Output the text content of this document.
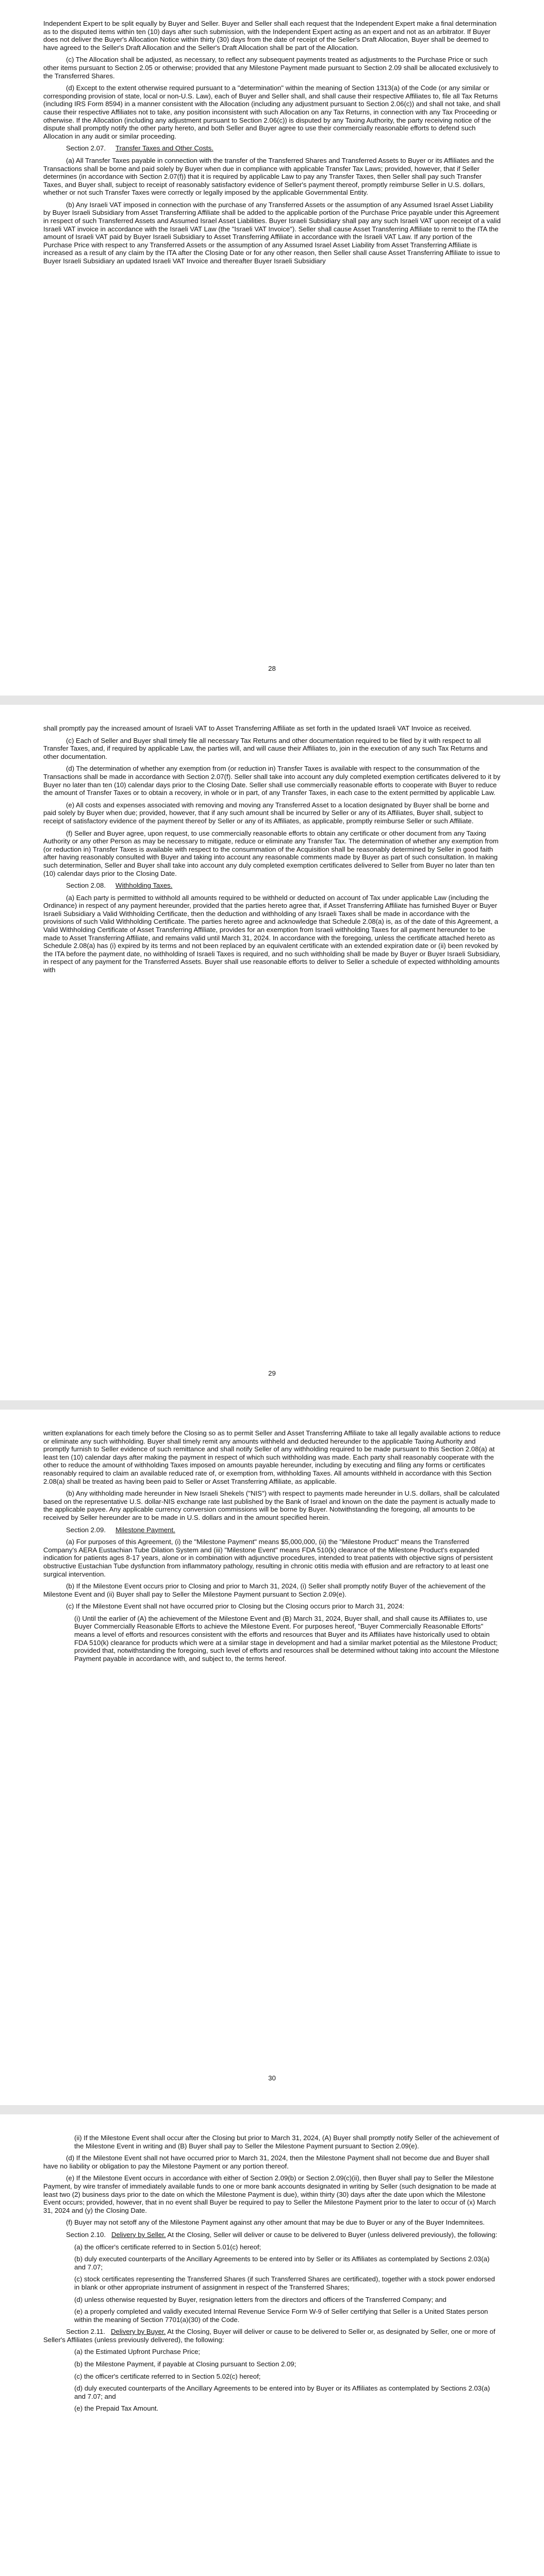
Independent Expert to be split equally by Buyer and Seller. Buyer and Seller shall each request that the Independent Expert make a final determination as to the disputed items within ten (10) days after such submission, with the Independent Expert acting as an expert and not as an arbitrator. If Buyer does not deliver the Buyer's Allocation Notice within thirty (30) days from the date of receipt of the Seller's Draft Allocation, Buyer shall be deemed to have agreed to the Seller's Draft Allocation and the Seller's Draft Allocation shall be part of the Allocation.

(c) The Allocation shall be adjusted, as necessary, to reflect any subsequent payments treated as adjustments to the Purchase Price or such other items pursuant to Section 2.05 or otherwise; provided that any Milestone Payment made pursuant to Section 2.09 shall be allocated exclusively to the Transferred Shares.

(d) Except to the extent otherwise required pursuant to a "determination" within the meaning of Section 1313(a) of the Code (or any similar or corresponding provision of state, local or non-U.S. Law), each of Buyer and Seller shall, and shall cause their respective Affiliates to, file all Tax Returns (including IRS Form 8594) in a manner consistent with the Allocation (including any adjustment pursuant to Section 2.06(c)) and shall not take, and shall cause their respective Affiliates not to take, any position inconsistent with such Allocation on any Tax Returns, in connection with any Tax Proceeding or otherwise. If the Allocation (including any adjustment pursuant to Section 2.06(c)) is disputed by any Taxing Authority, the party receiving notice of the dispute shall promptly notify the other party hereto, and both Seller and Buyer agree to use their commercially reasonable efforts to defend such Allocation in any audit or similar proceeding.

Section 2.07. Transfer Taxes and Other Costs.

(a) All Transfer Taxes payable in connection with the transfer of the Transferred Shares and Transferred Assets to Buyer or its Affiliates and the Transactions shall be borne and paid solely by Buyer when due in compliance with applicable Transfer Tax Laws; provided, however, that if Seller determines (in accordance with Section 2.07(f)) that it is required by applicable Law to pay any Transfer Taxes, then Seller shall pay such Transfer Taxes, and Buyer shall, subject to receipt of reasonably satisfactory evidence of Seller's payment thereof, promptly reimburse Seller in U.S. dollars, whether or not such Transfer Taxes were correctly or legally imposed by the applicable Governmental Entity.

(b) Any Israeli VAT imposed in connection with the purchase of any Transferred Assets or the assumption of any Assumed Israel Asset Liability by Buyer Israeli Subsidiary from Asset Transferring Affiliate shall be added to the applicable portion of the Purchase Price payable under this Agreement in respect of such Transferred Assets and Assumed Israel Asset Liabilities. Buyer Israeli Subsidiary shall pay any such Israeli VAT upon receipt of a valid Israeli VAT invoice in accordance with the Israeli VAT Law (the "Israeli VAT Invoice"). Seller shall cause Asset Transferring Affiliate to remit to the ITA the amount of Israeli VAT paid by Buyer Israeli Subsidiary to Asset Transferring Affiliate in accordance with the Israeli VAT Law. If any portion of the Purchase Price with respect to any Transferred Assets or the assumption of any Assumed Israel Asset Liability from Asset Transferring Affiliate is increased as a result of any claim by the ITA after the Closing Date or for any other reason, then Seller shall cause Asset Transferring Affiliate to issue to Buyer Israeli Subsidiary an updated Israeli VAT Invoice and thereafter Buyer Israeli Subsidiary

28

shall promptly pay the increased amount of Israeli VAT to Asset Transferring Affiliate as set forth in the updated Israeli VAT Invoice as received.

(c) Each of Seller and Buyer shall timely file all necessary Tax Returns and other documentation required to be filed by it with respect to all Transfer Taxes, and, if required by applicable Law, the parties will, and will cause their Affiliates to, join in the execution of any such Tax Returns and other documentation.

(d) The determination of whether any exemption from (or reduction in) Transfer Taxes is available with respect to the consummation of the Transactions shall be made in accordance with Section 2.07(f). Seller shall take into account any duly completed exemption certificates delivered to it by Buyer no later than ten (10) calendar days prior to the Closing Date. Seller shall use commercially reasonable efforts to cooperate with Buyer to reduce the amount of Transfer Taxes or to obtain a recovery, in whole or in part, of any Transfer Taxes, in each case to the extent permitted by applicable Law.

(e) All costs and expenses associated with removing and moving any Transferred Asset to a location designated by Buyer shall be borne and paid solely by Buyer when due; provided, however, that if any such amount shall be incurred by Seller or any of its Affiliates, Buyer shall, subject to receipt of satisfactory evidence of the payment thereof by Seller or any of its Affiliates, as applicable, promptly reimburse Seller or such Affiliate.

(f) Seller and Buyer agree, upon request, to use commercially reasonable efforts to obtain any certificate or other document from any Taxing Authority or any other Person as may be necessary to mitigate, reduce or eliminate any Transfer Tax. The determination of whether any exemption from (or reduction in) Transfer Taxes is available with respect to the consummation of the Acquisition shall be reasonably determined by Seller in good faith after having reasonably consulted with Buyer and taking into account any reasonable comments made by Buyer as part of such consultation. In making such determination, Seller and Buyer shall take into account any duly completed exemption certificates delivered to Seller from Buyer no later than ten (10) calendar days prior to the Closing Date.

Section 2.08. Withholding Taxes.

(a) Each party is permitted to withhold all amounts required to be withheld or deducted on account of Tax under applicable Law (including the Ordinance) in respect of any payment hereunder, provided that the parties hereto agree that, if Asset Transferring Affiliate has furnished Buyer or Buyer Israeli Subsidiary a Valid Withholding Certificate, then the deduction and withholding of any Israeli Taxes shall be made in accordance with the provisions of such Valid Withholding Certificate. The parties hereto agree and acknowledge that Schedule 2.08(a) is, as of the date of this Agreement, a Valid Withholding Certificate of Asset Transferring Affiliate, provides for an exemption from Israeli withholding Taxes for all payment hereunder to be made to Asset Transferring Affiliate, and remains valid until March 31, 2024. In accordance with the foregoing, unless the certificate attached hereto as Schedule 2.08(a) has (i) expired by its terms and not been replaced by an equivalent certificate with an extended expiration date or (ii) been revoked by the ITA before the payment date, no withholding of Israeli Taxes is required, and no such withholding shall be made by Buyer or Buyer Israeli Subsidiary, in respect of any payment for the Transferred Assets. Buyer shall use reasonable efforts to deliver to Seller a schedule of expected withholding amounts with

29

written explanations for each timely before the Closing so as to permit Seller and Asset Transferring Affiliate to take all legally available actions to reduce or eliminate any such withholding. Buyer shall timely remit any amounts withheld and deducted hereunder to the applicable Taxing Authority and promptly furnish to Seller evidence of such remittance and shall notify Seller of any withholding required to be made pursuant to this Section 2.08(a) at least ten (10) calendar days after making the payment in respect of which such withholding was made. Each party shall reasonably cooperate with the other to reduce the amount of withholding Taxes imposed on amounts payable hereunder, including by executing and filing any forms or certificates reasonably required to claim an available reduced rate of, or exemption from, withholding Taxes. All amounts withheld in accordance with this Section 2.08(a) shall be treated as having been paid to Seller or Asset Transferring Affiliate, as applicable.

(b) Any withholding made hereunder in New Israeli Shekels ("NIS") with respect to payments made hereunder in U.S. dollars, shall be calculated based on the representative U.S. dollar-NIS exchange rate last published by the Bank of Israel and known on the date the payment is actually made to the applicable payee. Any applicable currency conversion commissions will be borne by Buyer. Notwithstanding the foregoing, all amounts to be received by Seller hereunder are to be made in U.S. dollars and in the amount specified herein.

Section 2.09. Milestone Payment.

(a) For purposes of this Agreement, (i) the "Milestone Payment" means $5,000,000, (ii) the "Milestone Product" means the Transferred Company's AERA Eustachian Tube Dilation System and (iii) "Milestone Event" means FDA 510(k) clearance of the Milestone Product's expanded indication for patients ages 8-17 years, alone or in combination with adjunctive procedures, intended to treat patients with objective signs of persistent obstructive Eustachian Tube dysfunction from inflammatory pathology, resulting in chronic otitis media with effusion and are refractory to at least one surgical intervention.

(b) If the Milestone Event occurs prior to Closing and prior to March 31, 2024, (i) Seller shall promptly notify Buyer of the achievement of the Milestone Event and (ii) Buyer shall pay to Seller the Milestone Payment pursuant to Section 2.09(e).

(c) If the Milestone Event shall not have occurred prior to Closing but the Closing occurs prior to March 31, 2024:

(i) Until the earlier of (A) the achievement of the Milestone Event and (B) March 31, 2024, Buyer shall, and shall cause its Affiliates to, use Buyer Commercially Reasonable Efforts to achieve the Milestone Event. For purposes hereof, "Buyer Commercially Reasonable Efforts" means a level of efforts and resources consistent with the efforts and resources that Buyer and its Affiliates have historically used to obtain FDA 510(k) clearance for products which were at a similar stage in development and had a similar market potential as the Milestone Product; provided that, notwithstanding the foregoing, such level of efforts and resources shall be determined without taking into account the Milestone Payment payable in accordance with, and subject to, the terms hereof.

30

(ii) If the Milestone Event shall occur after the Closing but prior to March 31, 2024, (A) Buyer shall promptly notify Seller of the achievement of the Milestone Event in writing and (B) Buyer shall pay to Seller the Milestone Payment pursuant to Section 2.09(e).

(d) If the Milestone Event shall not have occurred prior to March 31, 2024, then the Milestone Payment shall not become due and Buyer shall have no liability or obligation to pay the Milestone Payment or any portion thereof.

(e) If the Milestone Event occurs in accordance with either of Section 2.09(b) or Section 2.09(c)(ii), then Buyer shall pay to Seller the Milestone Payment, by wire transfer of immediately available funds to one or more bank accounts designated in writing by Seller (such designation to be made at least two (2) business days prior to the date on which the Milestone Payment is due), within thirty (30) days after the date upon which the Milestone Event occurs; provided, however, that in no event shall Buyer be required to pay to Seller the Milestone Payment prior to the later to occur of (x) March 31, 2024 and (y) the Closing Date.

(f) Buyer may not setoff any of the Milestone Payment against any other amount that may be due to Buyer or any of the Buyer Indemnitees.

Section 2.10. Delivery by Seller. At the Closing, Seller will deliver or cause to be delivered to Buyer (unless delivered previously), the following:

(a) the officer's certificate referred to in Section 5.01(c) hereof;

(b) duly executed counterparts of the Ancillary Agreements to be entered into by Seller or its Affiliates as contemplated by Sections 2.03(a) and 7.07;

(c) stock certificates representing the Transferred Shares (if such Transferred Shares are certificated), together with a stock power endorsed in blank or other appropriate instrument of assignment in respect of the Transferred Shares;

(d) unless otherwise requested by Buyer, resignation letters from the directors and officers of the Transferred Company; and

(e) a properly completed and validly executed Internal Revenue Service Form W-9 of Seller certifying that Seller is a United States person within the meaning of Section 7701(a)(30) of the Code.

Section 2.11. Delivery by Buyer. At the Closing, Buyer will deliver or cause to be delivered to Seller or, as designated by Seller, one or more of Seller's Affiliates (unless previously delivered), the following:

(a) the Estimated Upfront Purchase Price;

(b) the Milestone Payment, if payable at Closing pursuant to Section 2.09;

(c) the officer's certificate referred to in Section 5.02(c) hereof;

(d) duly executed counterparts of the Ancillary Agreements to be entered into by Buyer or its Affiliates as contemplated by Sections 2.03(a) and 7.07; and

(e) the Prepaid Tax Amount.
